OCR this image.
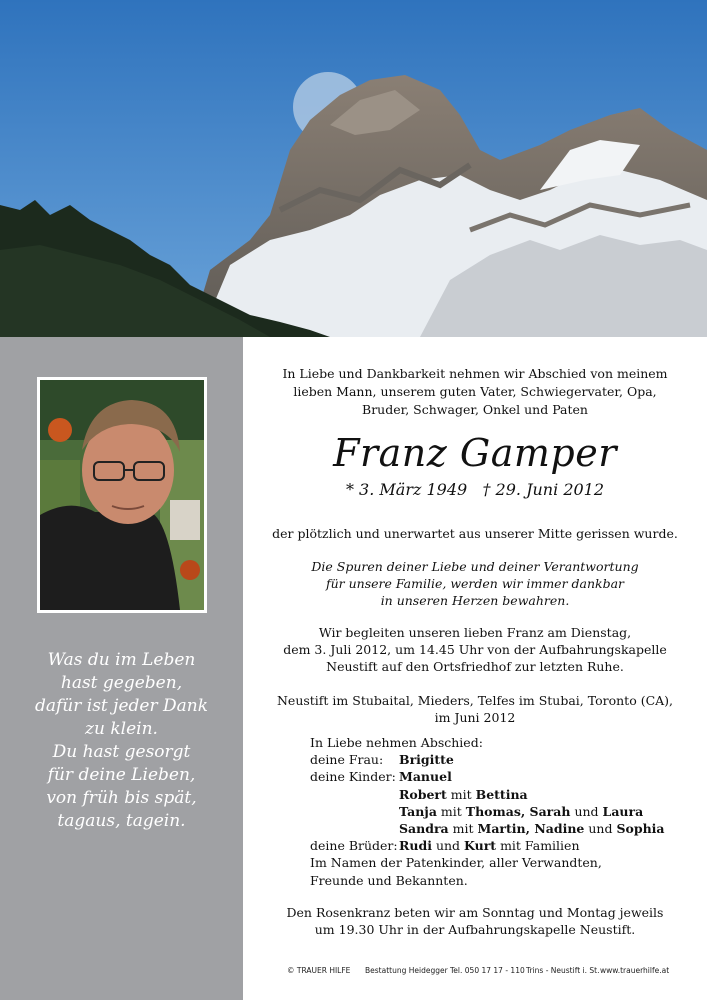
Was du im Leben
hast gegeben,
dafür ist jeder Dank
zu klein.
Du hast gesorgt
für deine Lieben,
von früh bis spät,
tagaus, tagein.
In Liebe und Dankbarkeit nehmen wir Abschied von meinem
lieben Mann, unserem guten Vater, Schwiegervater, Opa,
Bruder, Schwager, Onkel und Paten
Franz Gamper
* 3. März 1949   † 29. Juni 2012
der plötzlich und unerwartet aus unserer Mitte gerissen wurde.
Die Spuren deiner Liebe und deiner Verantwortung
für unsere Familie, werden wir immer dankbar
in unseren Herzen bewahren.
Wir begleiten unseren lieben Franz am Dienstag,
dem 3. Juli 2012, um 14.45 Uhr von der Aufbahrungskapelle
Neustift auf den Ortsfriedhof zur letzten Ruhe.
Neustift im Stubaital, Mieders, Telfes im Stubai, Toronto (CA),
im Juni 2012
In Liebe nehmen Abschied:
deine Frau:	Brigitte
deine Kinder: Manuel
Robert
mit
Bettina
Tanja
mit
Thomas, Sarah
und
Laura
Sandra
mit
Martin, Nadine
und
Sophia
deine Brüder: Rudi
und
Kurt
mit Familien
Im Namen der Patenkinder, aller Verwandten,
Freunde und Bekannten.
Den Rosenkranz beten wir am Sonntag und Montag jeweils
um 19.30 Uhr in der Aufbahrungskapelle Neustift.
© TRAUER HILFE Bestattung Heidegger Tel. 050 17 17 - 110 Trins - Neustift i. St. www.trauerhilfe.at
